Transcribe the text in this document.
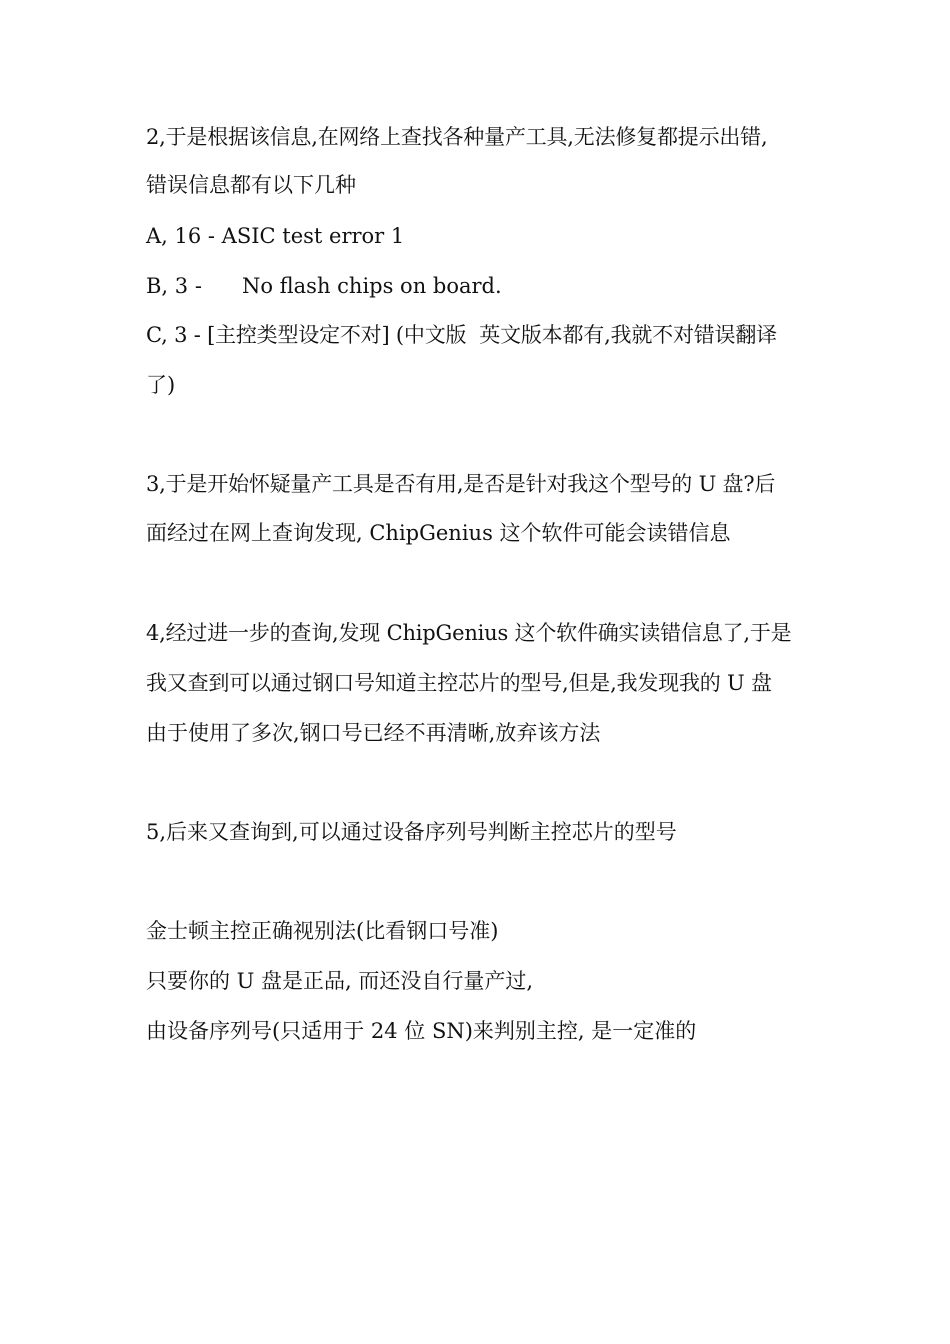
2,于是根据该信息,在网络上查找各种量产工具,无法修复都提示出错,
错误信息都有以下几种
A, 16 - ASIC test error 1
B, 3 -      No flash chips on board.
C, 3 - [主控类型设定不对] (中文版  英文版本都有,我就不对错误翻译
了)
3,于是开始怀疑量产工具是否有用,是否是针对我这个型号的 U 盘?后
面经过在网上查询发现, ChipGenius 这个软件可能会读错信息
4,经过进一步的查询,发现 ChipGenius 这个软件确实读错信息了,于是
我又查到可以通过钢口号知道主控芯片的型号,但是,我发现我的 U 盘
由于使用了多次,钢口号已经不再清晰,放弃该方法
5,后来又查询到,可以通过设备序列号判断主控芯片的型号
金士顿主控正确视别法(比看钢口号准)
只要你的 U 盘是正品, 而还没自行量产过,
由设备序列号(只适用于 24 位 SN)来判别主控, 是一定准的
